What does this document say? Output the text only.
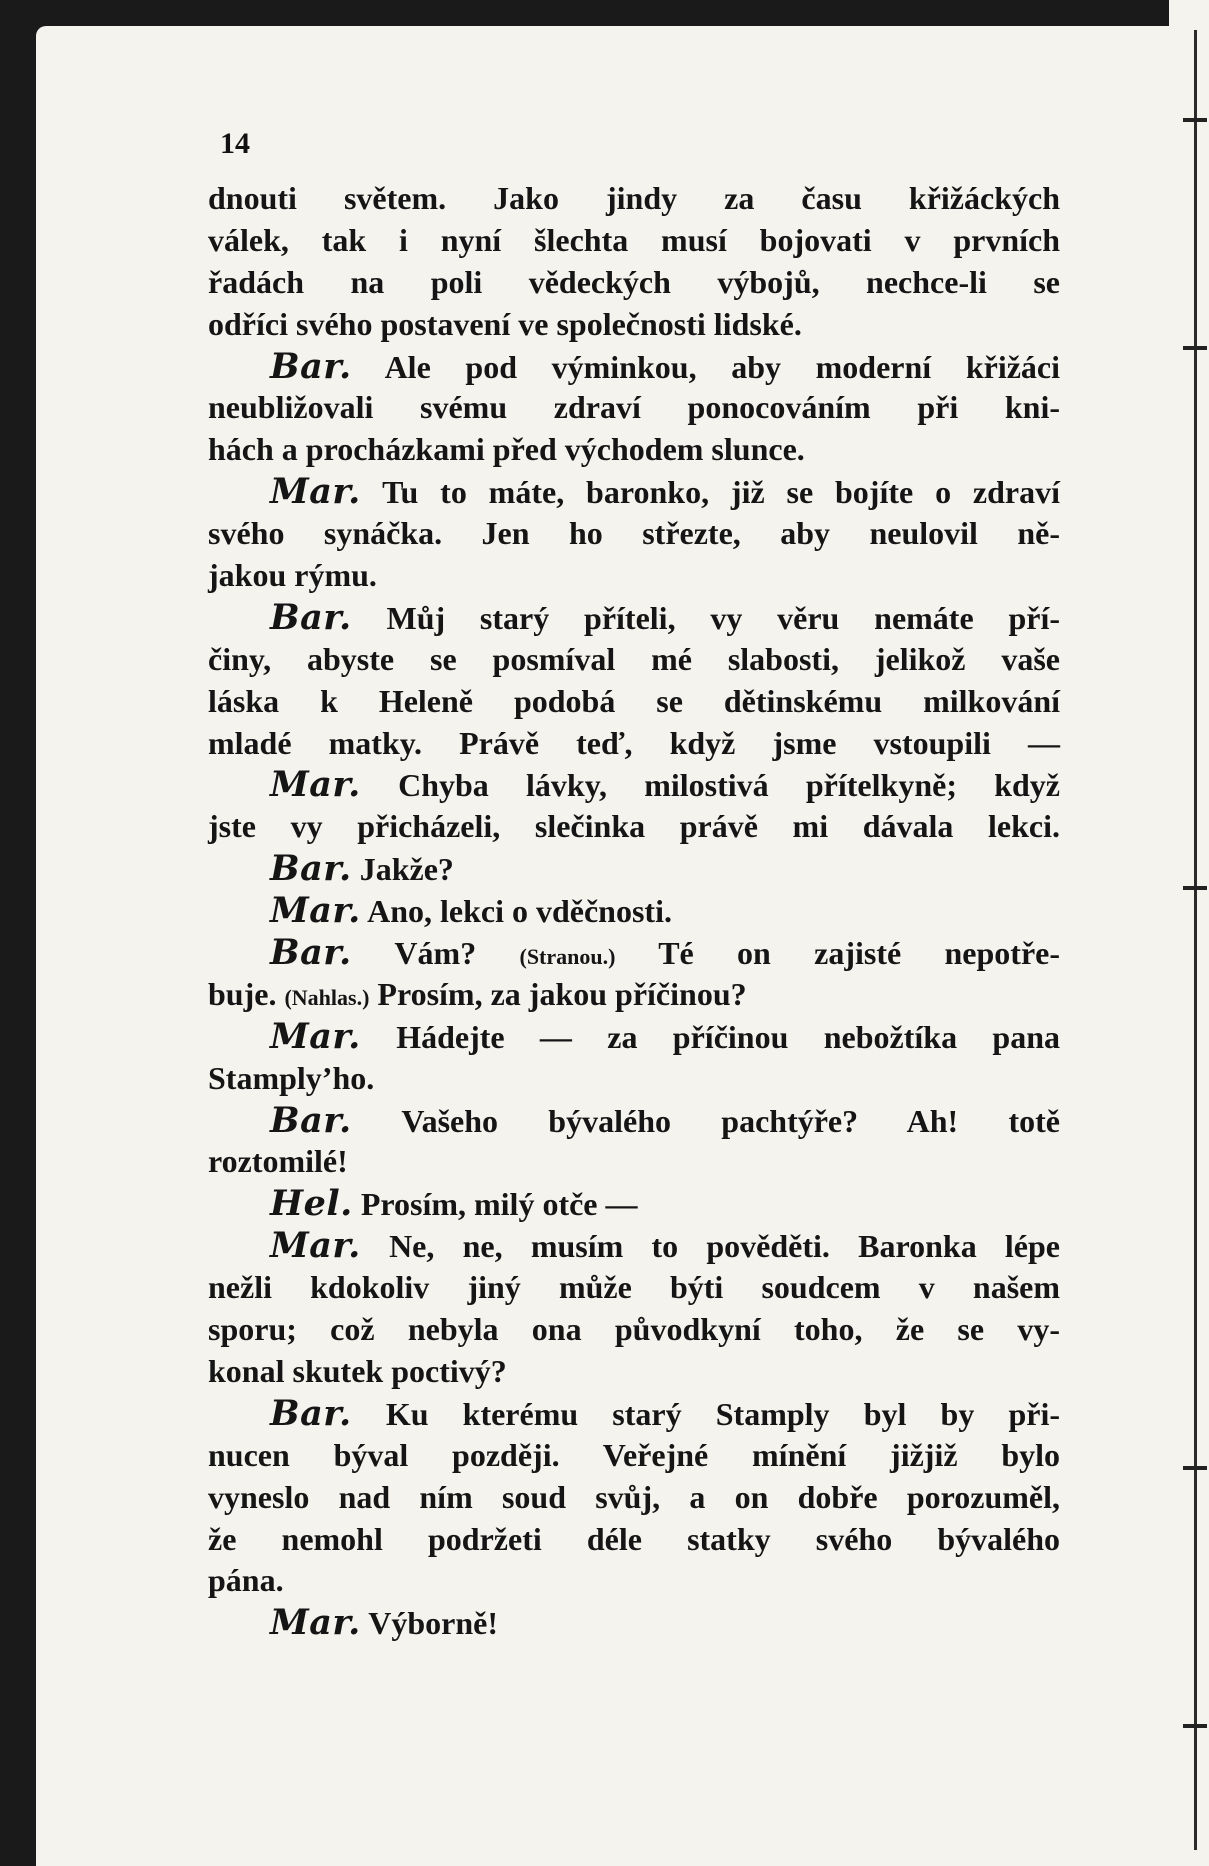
14
dnouti světem. Jako jindy za času křižáckých
válek, tak i nyní šlechta musí bojovati v prvních
řadách na poli vědeckých výbojů, nechce-li se
odříci svého postavení ve společnosti lidské.
Bar. Ale pod výminkou, aby moderní křižáci
neubližovali svému zdraví ponocováním při kni-
hách a procházkami před východem slunce.
Mar. Tu to máte, baronko, již se bojíte o zdraví
svého synáčka. Jen ho střezte, aby neulovil ně-
jakou rýmu.
Bar. Můj starý příteli, vy věru nemáte pří-
činy, abyste se posmíval mé slabosti, jelikož vaše
láska k Heleně podobá se dětinskému milkování
mladé matky. Právě teď, když jsme vstoupili —
Mar. Chyba lávky, milostivá přítelkyně; když
jste vy přicházeli, slečinka právě mi dávala lekci.
Bar. Jakže?
Mar. Ano, lekci o vděčnosti.
Bar. Vám? (Stranou.) Té on zajisté nepotře-
buje. (Nahlas.) Prosím, za jakou příčinou?
Mar. Hádejte — za příčinou nebožtíka pana
Stamply’ho.
Bar. Vašeho bývalého pachtýře? Ah! totě
roztomilé!
Hel. Prosím, milý otče —
Mar. Ne, ne, musím to pověděti. Baronka lépe
nežli kdokoliv jiný může býti soudcem v našem
sporu; což nebyla ona původkyní toho, že se vy-
konal skutek poctivý?
Bar. Ku kterému starý Stamply byl by při-
nucen býval později. Veřejné mínění jižjiž bylo
vyneslo nad ním soud svůj, a on dobře porozuměl,
že nemohl podržeti déle statky svého bývalého
pána.
Mar. Výborně!
